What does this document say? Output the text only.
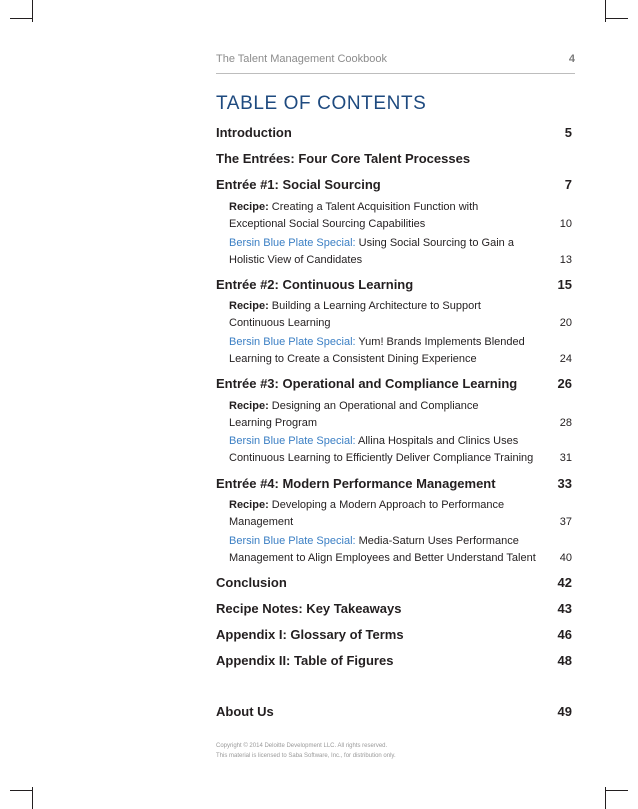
The Talent Management Cookbook	4
TABLE OF CONTENTS
Introduction	5
The Entrées: Four Core Talent Processes
Entrée #1: Social Sourcing	7
Recipe: Creating a Talent Acquisition Function with
Exceptional Social Sourcing Capabilities	10
Bersin Blue Plate Special: Using Social Sourcing to Gain a
Holistic View of Candidates	13
Entrée #2: Continuous Learning	15
Recipe: Building a Learning Architecture to Support
Continuous Learning	20
Bersin Blue Plate Special: Yum! Brands Implements Blended
Learning to Create a Consistent Dining Experience	24
Entrée #3: Operational and Compliance Learning	26
Recipe: Designing an Operational and Compliance
Learning Program	28
Bersin Blue Plate Special: Allina Hospitals and Clinics Uses
Continuous Learning to Efficiently Deliver Compliance Training	31
Entrée #4: Modern Performance Management	33
Recipe: Developing a Modern Approach to Performance
Management	37
Bersin Blue Plate Special: Media-Saturn Uses Performance
Management to Align Employees and Better Understand Talent	40
Conclusion	42
Recipe Notes: Key Takeaways	43
Appendix I: Glossary of Terms	46
Appendix II: Table of Figures	48
About Us	49
Copyright © 2014 Deloitte Development LLC. All rights reserved.
This material is licensed to Saba Software, Inc., for distribution only.
